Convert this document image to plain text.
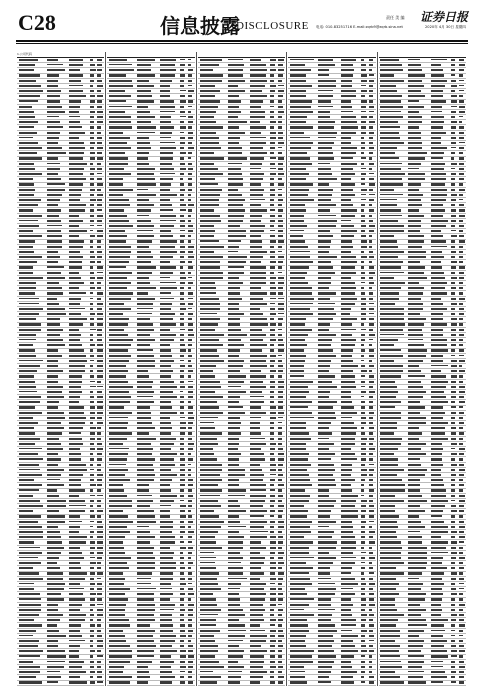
C28	信息披露
DISCLOSURE
责任 美 编
电话: 010-83251716 E-mail:zqrb9@zqrb.sina.net
证券日报
2020年 4月 30日 星期四
1.公司代码
